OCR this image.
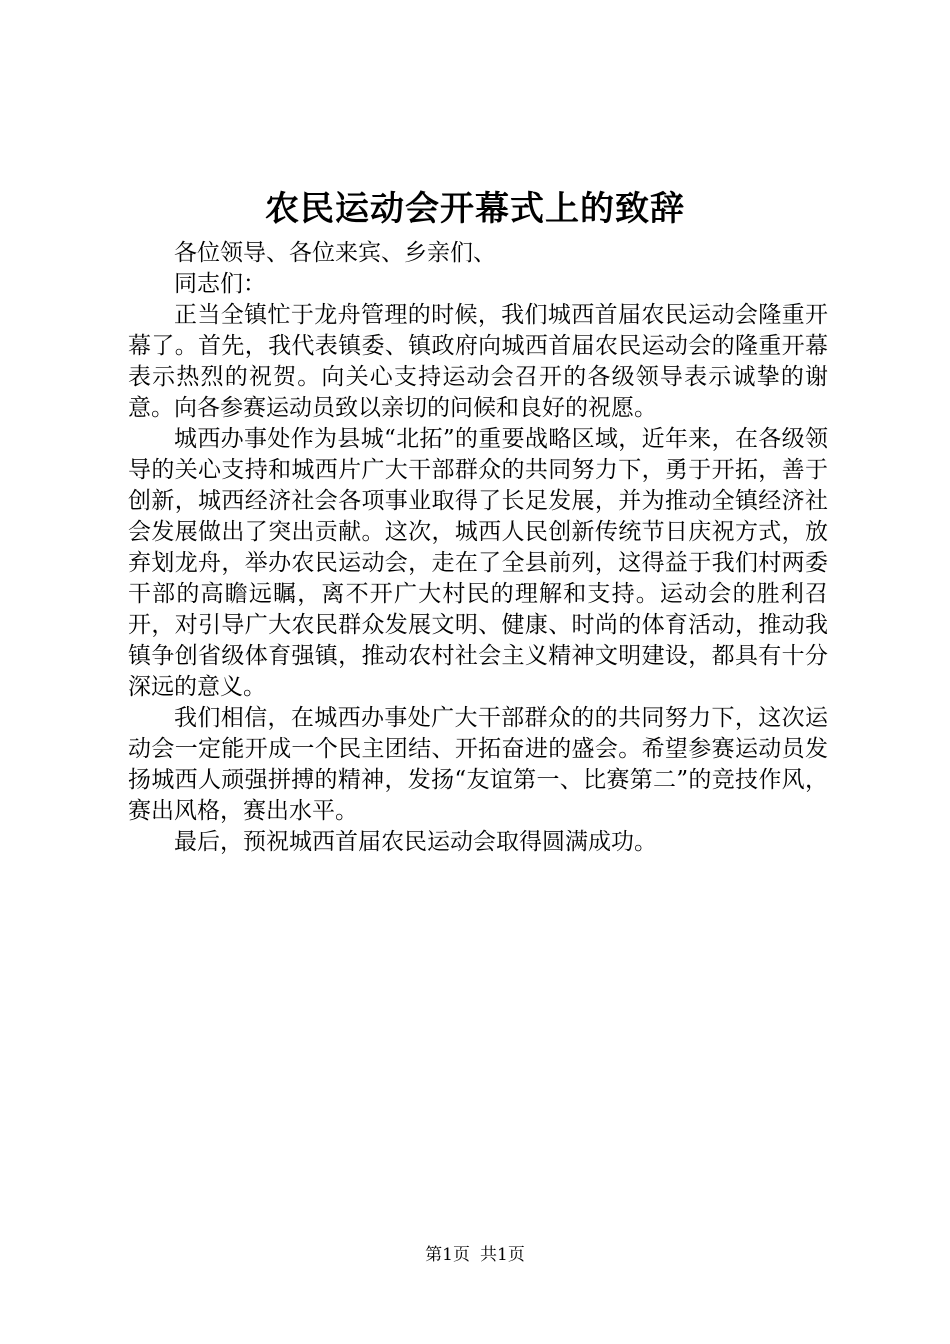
农民运动会开幕式上的致辞

各位领导、各位来宾、乡亲们、

同志们：

正当全镇忙于龙舟管理的时候，我们城西首届农民运动会隆重开幕了。首先，我代表镇委、镇政府向城西首届农民运动会的隆重开幕表示热烈的祝贺。向关心支持运动会召开的各级领导表示诚挚的谢意。向各参赛运动员致以亲切的问候和良好的祝愿。

城西办事处作为县城“北拓”的重要战略区域，近年来，在各级领导的关心支持和城西片广大干部群众的共同努力下，勇于开拓，善于创新，城西经济社会各项事业取得了长足发展，并为推动全镇经济社会发展做出了突出贡献。这次，城西人民创新传统节日庆祝方式，放弃划龙舟，举办农民运动会，走在了全县前列，这得益于我们村两委干部的高瞻远瞩，离不开广大村民的理解和支持。运动会的胜利召开，对引导广大农民群众发展文明、健康、时尚的体育活动，推动我镇争创省级体育强镇，推动农村社会主义精神文明建设，都具有十分深远的意义。

我们相信，在城西办事处广大干部群众的的共同努力下，这次运动会一定能开成一个民主团结、开拓奋进的盛会。希望参赛运动员发扬城西人顽强拼搏的精神，发扬“友谊第一、比赛第二”的竞技作风，赛出风格，赛出水平。

最后，预祝城西首届农民运动会取得圆满成功。

第1页 共1页
